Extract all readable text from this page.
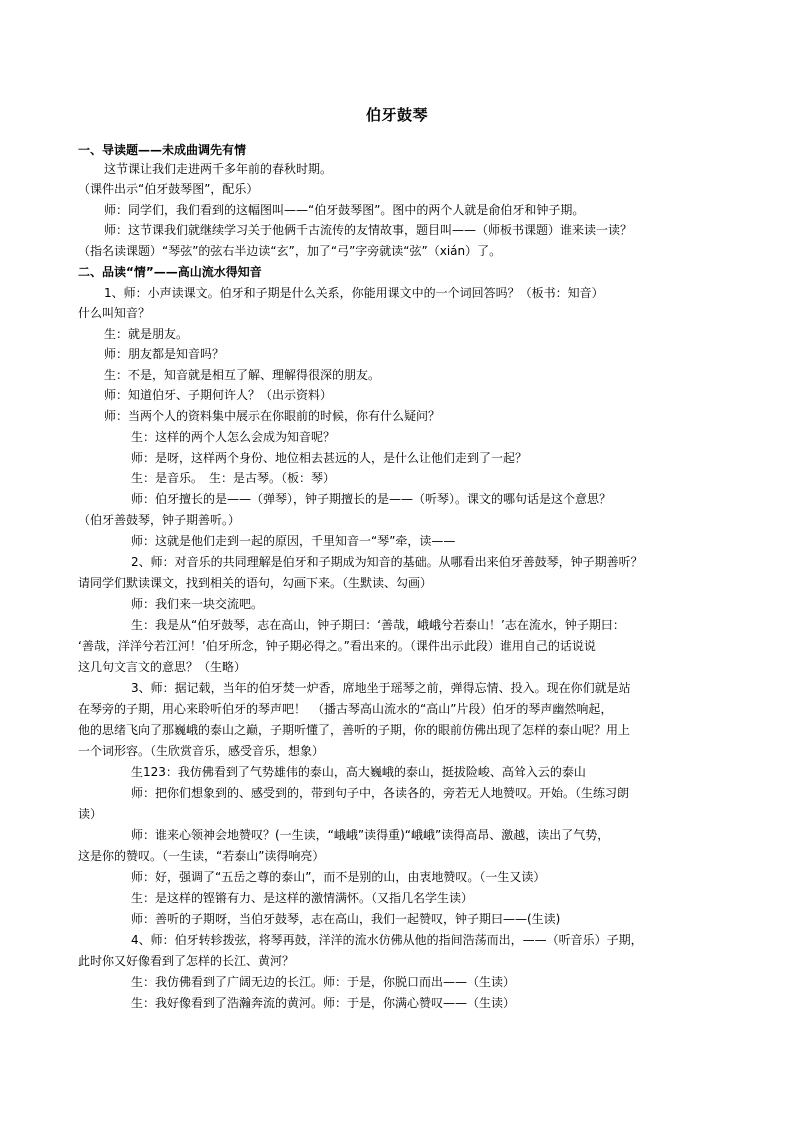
伯牙鼓琴
一、导读题——未成曲调先有情
这节课让我们走进两千多年前的春秋时期。
（课件出示“伯牙鼓琴图”，配乐）
师：同学们，我们看到的这幅图叫——“伯牙鼓琴图”。图中的两个人就是俞伯牙和钟子期。
师：这节课我们就继续学习关于他俩千古流传的友情故事，题目叫——（师板书课题）谁来读一读？
（指名读课题）“琴弦”的弦右半边读“玄”，加了“弓”字旁就读“弦”（xián）了。
二、品读“情”——高山流水得知音
1、师：小声读课文。伯牙和子期是什么关系，你能用课文中的一个词回答吗？（板书：知音）
什么叫知音？
生：就是朋友。
师：朋友都是知音吗？
生：不是，知音就是相互了解、理解得很深的朋友。
师：知道伯牙、子期何许人？（出示资料）
师：当两个人的资料集中展示在你眼前的时候，你有什么疑问？
生：这样的两个人怎么会成为知音呢？
师：是呀，这样两个身份、地位相去甚远的人，是什么让他们走到了一起？
生：是音乐。　生：是古琴。（板：琴）
师：伯牙擅长的是——（弹琴），钟子期擅长的是——（听琴）。课文的哪句话是这个意思？
（伯牙善鼓琴，钟子期善听。）
师：这就是他们走到一起的原因，千里知音一“琴”牵，读——
2、师：对音乐的共同理解是伯牙和子期成为知音的基础。从哪看出来伯牙善鼓琴，钟子期善听？
请同学们默读课文，找到相关的语句，勾画下来。（生默读、勾画）
师：我们来一块交流吧。
生：我是从“伯牙鼓琴，志在高山，钟子期曰：‘善哉，峨峨兮若泰山！’志在流水，钟子期曰：
‘善哉，洋洋兮若江河！’伯牙所念，钟子期必得之。”看出来的。（课件出示此段）谁用自己的话说说
这几句文言文的意思？（生略）
3、师：据记载，当年的伯牙焚一炉香，席地坐于瑶琴之前，弹得忘情、投入。现在你们就是站
在琴旁的子期，用心来聆听伯牙的琴声吧！　（播古琴高山流水的“高山”片段）伯牙的琴声幽然响起，
他的思绪飞向了那巍峨的泰山之巅，子期听懂了，善听的子期，你的眼前仿佛出现了怎样的泰山呢？用上
一个词形容。（生欣赏音乐，感受音乐，想象）
生123：我仿佛看到了气势雄伟的泰山，高大巍峨的泰山，挺拔险峻、高耸入云的泰山
师：把你们想象到的、感受到的，带到句子中，各读各的，旁若无人地赞叹。开始。（生练习朗
读）
师：谁来心领神会地赞叹？(一生读，“峨峨”读得重)“峨峨”读得高昂、激越，读出了气势，
这是你的赞叹。（一生读，“若泰山”读得响亮）
师：好，强调了“五岳之尊的泰山”，而不是别的山，由衷地赞叹。（一生又读）
生：是这样的铿锵有力、是这样的激情满怀。（又指几名学生读）
师：善听的子期呀，当伯牙鼓琴，志在高山，我们一起赞叹，钟子期曰——(生读)
4、师：伯牙转轸拨弦，将琴再鼓，洋洋的流水仿佛从他的指间浩荡而出，——（听音乐）子期，
此时你又好像看到了怎样的长江、黄河？
生：我仿佛看到了广阔无边的长江。师：于是，你脱口而出——（生读）
生：我好像看到了浩瀚奔流的黄河。师：于是，你满心赞叹——（生读）
